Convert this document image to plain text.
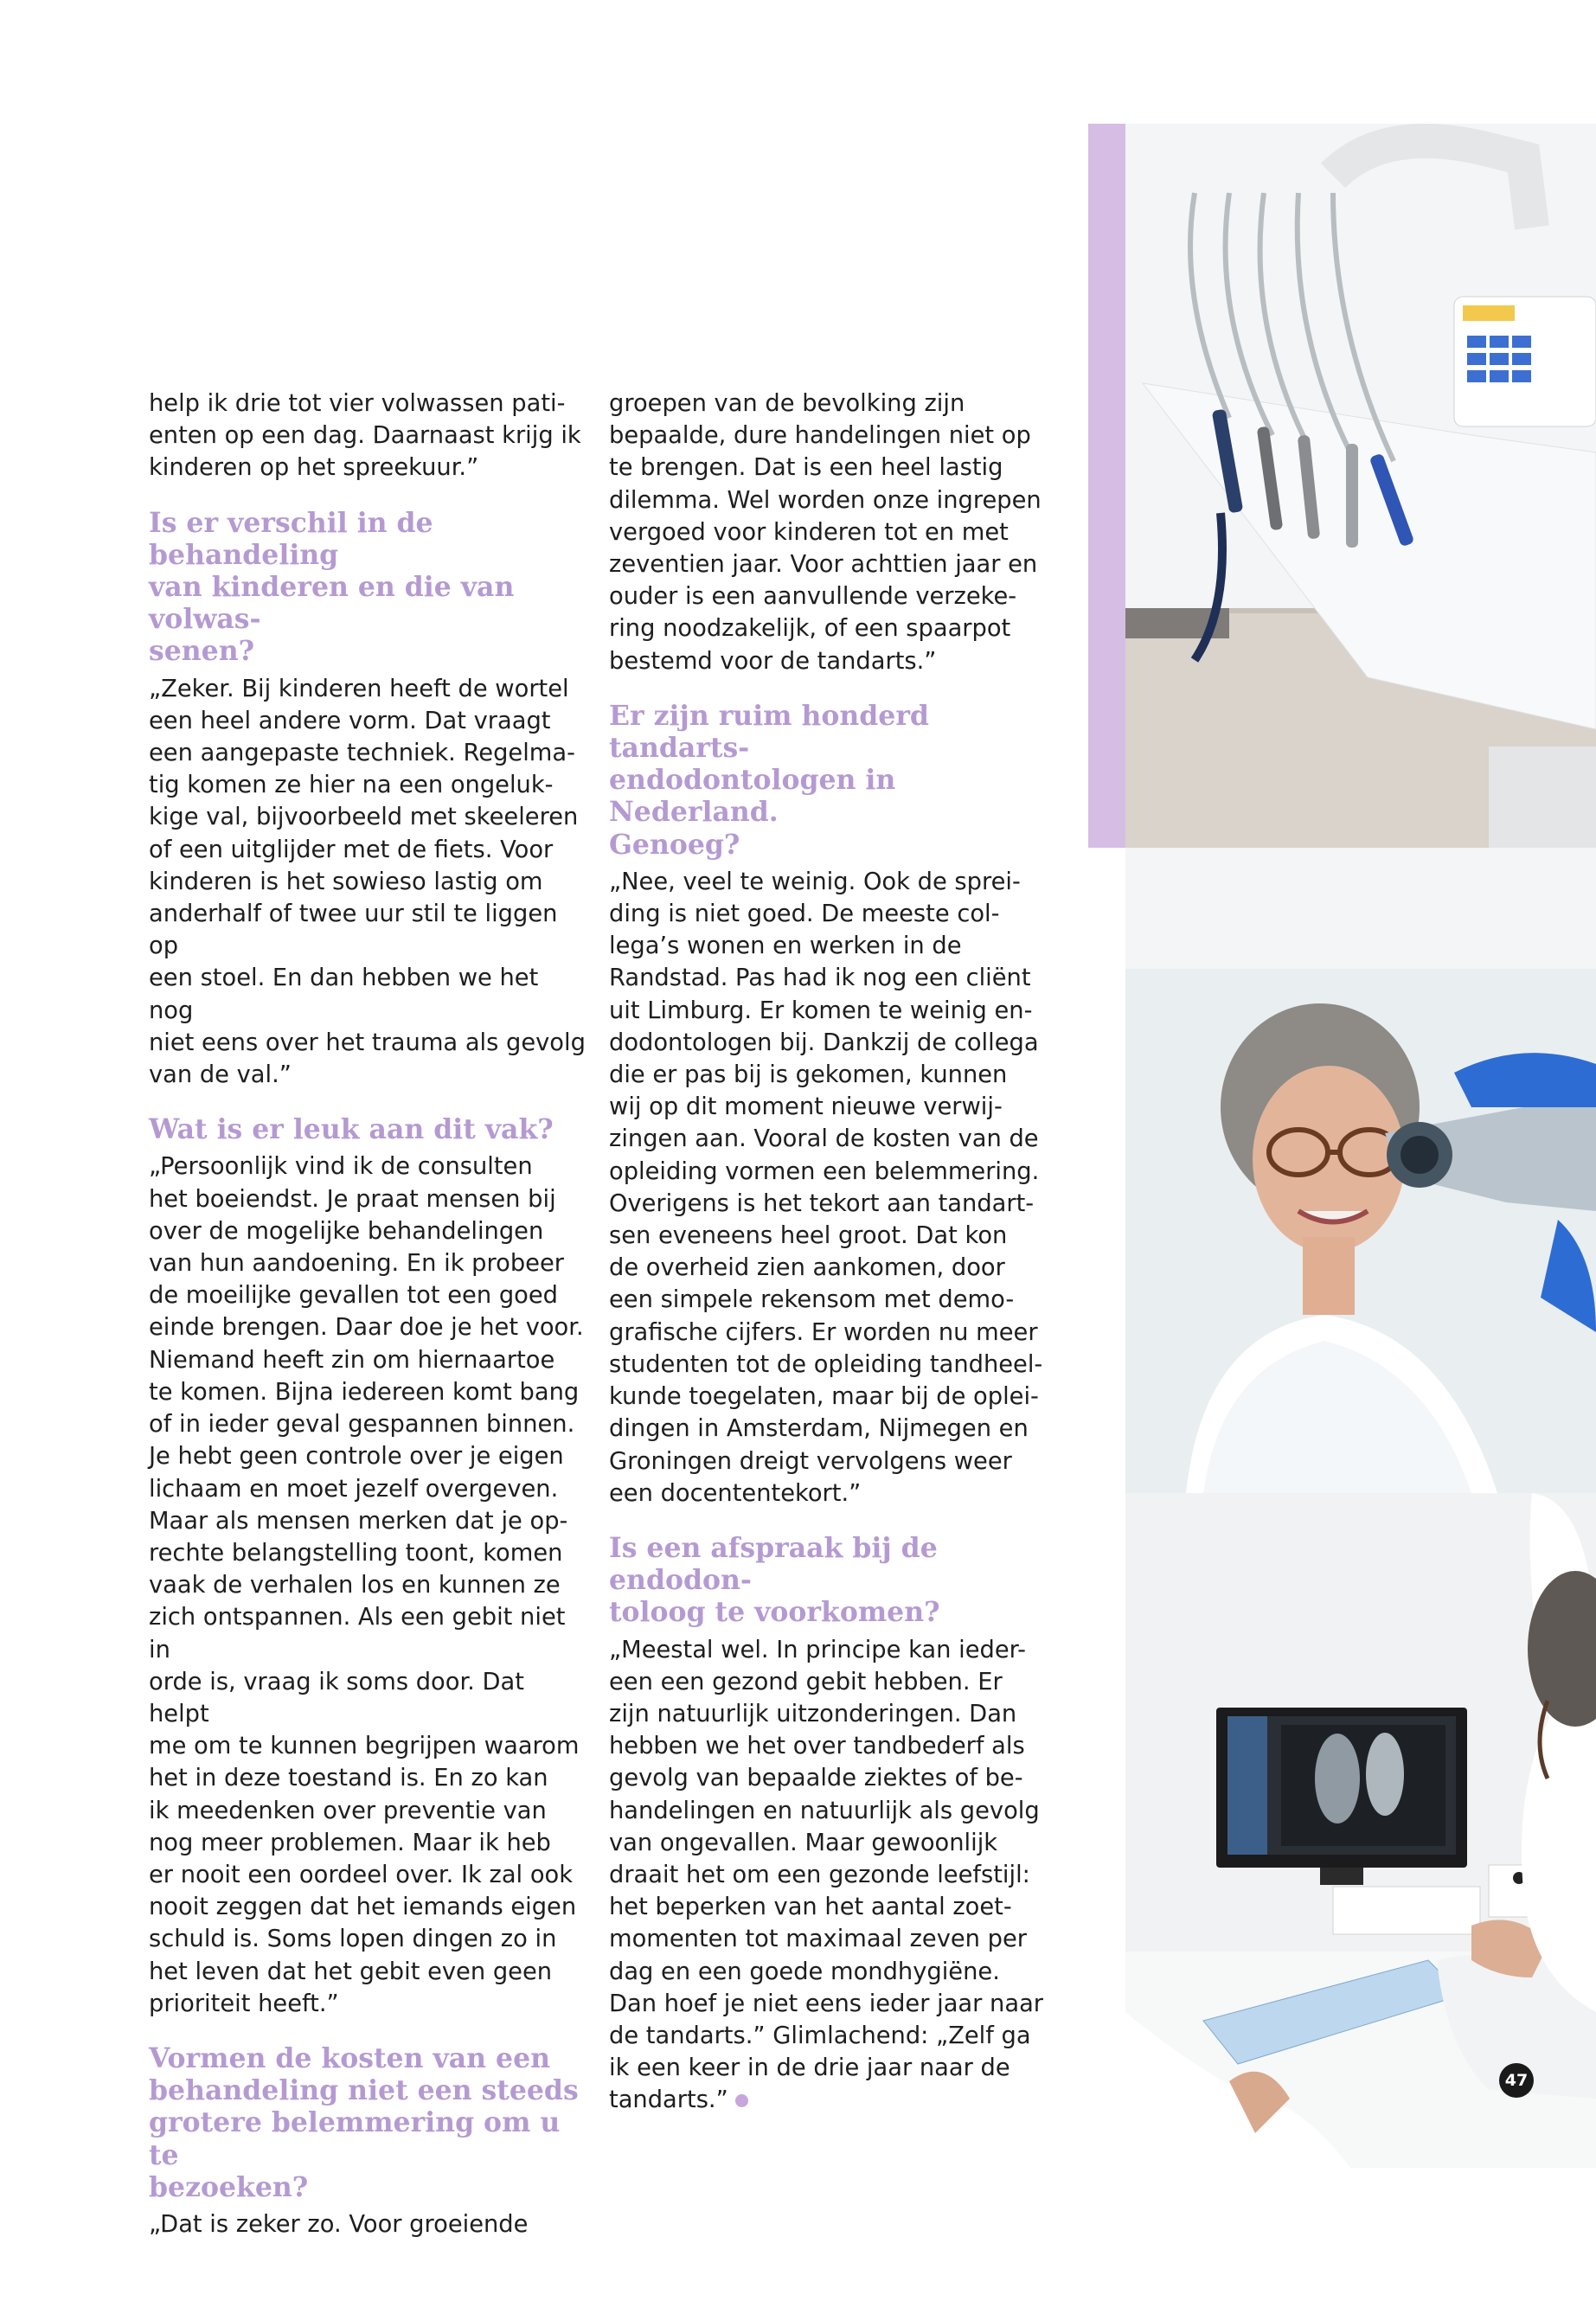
help ik drie tot vier volwassen pati-
enten op een dag. Daarnaast krijg ik
kinderen op het spreekuur.”

Is er verschil in de behandeling
van kinderen en die van volwas-
senen?

„Zeker. Bij kinderen heeft de wortel
een heel andere vorm. Dat vraagt
een aangepaste techniek. Regelma-
tig komen ze hier na een ongeluk-
kige val, bijvoorbeeld met skeeleren
of een uitglijder met de fiets. Voor
kinderen is het sowieso lastig om
anderhalf of twee uur stil te liggen op
een stoel. En dan hebben we het nog
niet eens over het trauma als gevolg
van de val.”

Wat is er leuk aan dit vak?

„Persoonlijk vind ik de consulten
het boeiendst. Je praat mensen bij
over de mogelijke behandelingen
van hun aandoening. En ik probeer
de moeilijke gevallen tot een goed
einde brengen. Daar doe je het voor.
Niemand heeft zin om hiernaartoe
te komen. Bijna iedereen komt bang
of in ieder geval gespannen binnen.
Je hebt geen controle over je eigen
lichaam en moet jezelf overgeven.
Maar als mensen merken dat je op-
rechte belangstelling toont, komen
vaak de verhalen los en kunnen ze
zich ontspannen. Als een gebit niet in
orde is, vraag ik soms door. Dat helpt
me om te kunnen begrijpen waarom
het in deze toestand is. En zo kan
ik meedenken over preventie van
nog meer problemen. Maar ik heb
er nooit een oordeel over. Ik zal ook
nooit zeggen dat het iemands eigen
schuld is. Soms lopen dingen zo in
het leven dat het gebit even geen
prioriteit heeft.”

Vormen de kosten van een
behandeling niet een steeds
grotere belemmering om u te
bezoeken?

„Dat is zeker zo. Voor groeiende

groepen van de bevolking zijn
bepaalde, dure handelingen niet op
te brengen. Dat is een heel lastig
dilemma. Wel worden onze ingrepen
vergoed voor kinderen tot en met
zeventien jaar. Voor achttien jaar en
ouder is een aanvullende verzeke-
ring noodzakelijk, of een spaarpot
bestemd voor de tandarts.”

Er zijn ruim honderd tandarts-
endodontologen in Nederland.
Genoeg?

„Nee, veel te weinig. Ook de sprei-
ding is niet goed. De meeste col-
lega’s wonen en werken in de
Randstad. Pas had ik nog een cliënt
uit Limburg. Er komen te weinig en-
dodontologen bij. Dankzij de collega
die er pas bij is gekomen, kunnen
wij op dit moment nieuwe verwij-
zingen aan. Vooral de kosten van de
opleiding vormen een belemmering.
Overigens is het tekort aan tandart-
sen eveneens heel groot. Dat kon
de overheid zien aankomen, door
een simpele rekensom met demo-
grafische cijfers. Er worden nu meer
studenten tot de opleiding tandheel-
kunde toegelaten, maar bij de oplei-
dingen in Amsterdam, Nijmegen en
Groningen dreigt vervolgens weer
een docententekort.”

Is een afspraak bij de endodon-
toloog te voorkomen?

„Meestal wel. In principe kan ieder-
een een gezond gebit hebben. Er
zijn natuurlijk uitzonderingen. Dan
hebben we het over tandbederf als
gevolg van bepaalde ziektes of be-
handelingen en natuurlijk als gevolg
van ongevallen. Maar gewoonlijk
draait het om een gezonde leefstijl:
het beperken van het aantal zoet-
momenten tot maximaal zeven per
dag en een goede mondhygiëne.
Dan hoef je niet eens ieder jaar naar
de tandarts.” Glimlachend: „Zelf ga
ik een keer in de drie jaar naar de
tandarts.”

47
